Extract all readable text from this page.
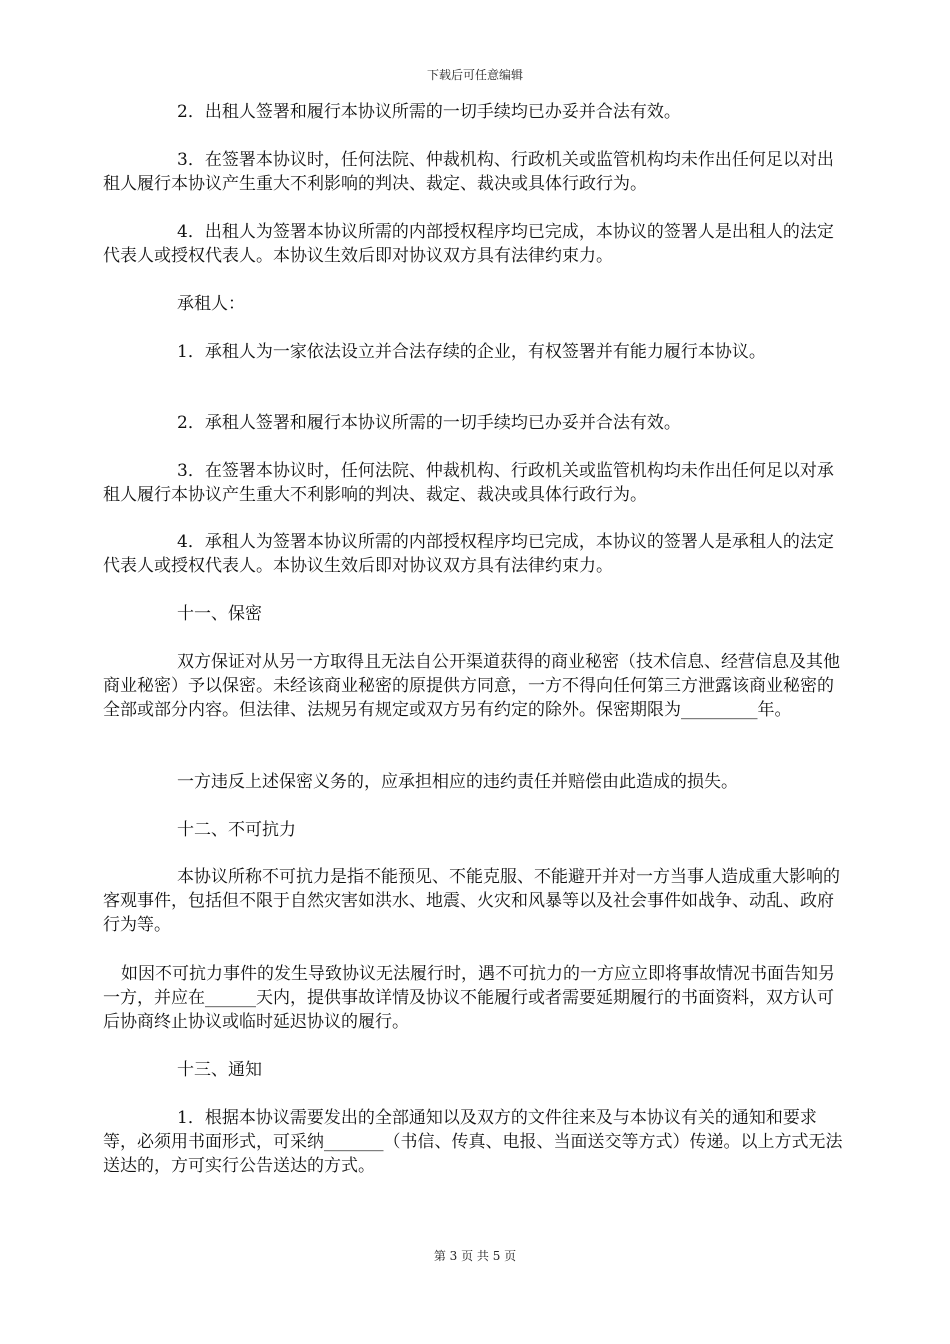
下载后可任意编辑

2．出租人签署和履行本协议所需的一切手续均已办妥并合法有效。

3．在签署本协议时，任何法院、仲裁机构、行政机关或监管机构均未作出任何足以对出租人履行本协议产生重大不利影响的判决、裁定、裁决或具体行政行为。

4．出租人为签署本协议所需的内部授权程序均已完成，本协议的签署人是出租人的法定代表人或授权代表人。本协议生效后即对协议双方具有法律约束力。

承租人：

1．承租人为一家依法设立并合法存续的企业，有权签署并有能力履行本协议。

2．承租人签署和履行本协议所需的一切手续均已办妥并合法有效。

3．在签署本协议时，任何法院、仲裁机构、行政机关或监管机构均未作出任何足以对承租人履行本协议产生重大不利影响的判决、裁定、裁决或具体行政行为。

4．承租人为签署本协议所需的内部授权程序均已完成，本协议的签署人是承租人的法定代表人或授权代表人。本协议生效后即对协议双方具有法律约束力。

十一、保密

双方保证对从另一方取得且无法自公开渠道获得的商业秘密（技术信息、经营信息及其他商业秘密）予以保密。未经该商业秘密的原提供方同意，一方不得向任何第三方泄露该商业秘密的全部或部分内容。但法律、法规另有规定或双方另有约定的除外。保密期限为_________年。

一方违反上述保密义务的，应承担相应的违约责任并赔偿由此造成的损失。

十二、不可抗力

本协议所称不可抗力是指不能预见、不能克服、不能避开并对一方当事人造成重大影响的客观事件，包括但不限于自然灾害如洪水、地震、火灾和风暴等以及社会事件如战争、动乱、政府行为等。

如因不可抗力事件的发生导致协议无法履行时，遇不可抗力的一方应立即将事故情况书面告知另一方，并应在______天内，提供事故详情及协议不能履行或者需要延期履行的书面资料，双方认可后协商终止协议或临时延迟协议的履行。

十三、通知

1．根据本协议需要发出的全部通知以及双方的文件往来及与本协议有关的通知和要求等，必须用书面形式，可采纳_______（书信、传真、电报、当面送交等方式）传递。以上方式无法送达的，方可实行公告送达的方式。

第 3 页 共 5 页
